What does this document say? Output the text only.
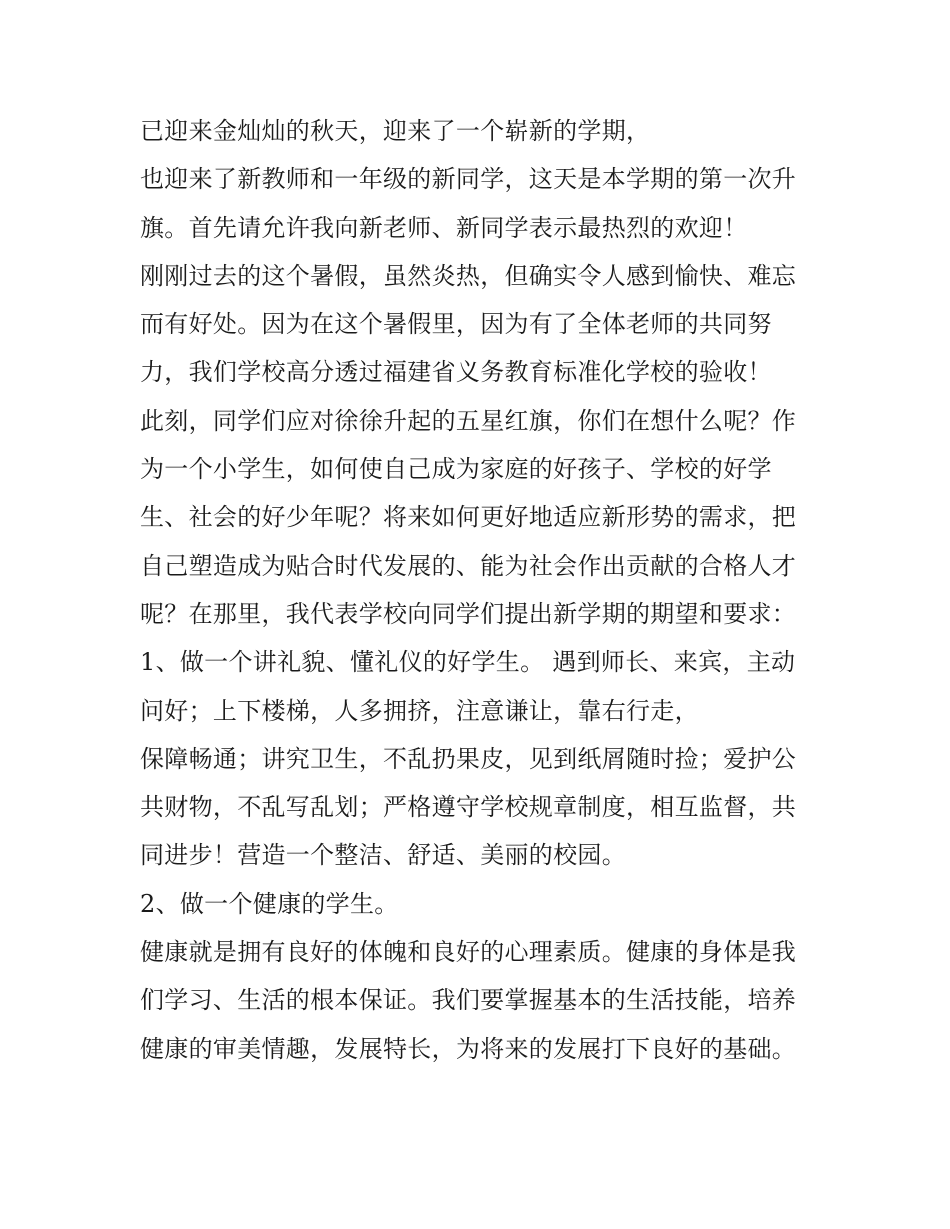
已迎来金灿灿的秋天，迎来了一个崭新的学期，
也迎来了新教师和一年级的新同学，这天是本学期的第一次升
旗。首先请允许我向新老师、新同学表示最热烈的欢迎！
刚刚过去的这个暑假，虽然炎热，但确实令人感到愉快、难忘
而有好处。因为在这个暑假里，因为有了全体老师的共同努
力，我们学校高分透过福建省义务教育标准化学校的验收！
此刻，同学们应对徐徐升起的五星红旗，你们在想什么呢？作
为一个小学生，如何使自己成为家庭的好孩子、学校的好学
生、社会的好少年呢？将来如何更好地适应新形势的需求，把
自己塑造成为贴合时代发展的、能为社会作出贡献的合格人才
呢？在那里，我代表学校向同学们提出新学期的期望和要求：
1、做一个讲礼貌、懂礼仪的好学生。 遇到师长、来宾，主动
问好；上下楼梯，人多拥挤，注意谦让，靠右行走，
保障畅通；讲究卫生，不乱扔果皮，见到纸屑随时捡；爱护公
共财物，不乱写乱划；严格遵守学校规章制度，相互监督，共
同进步！营造一个整洁、舒适、美丽的校园。
2、做一个健康的学生。
健康就是拥有良好的体魄和良好的心理素质。健康的身体是我
们学习、生活的根本保证。我们要掌握基本的生活技能，培养
健康的审美情趣，发展特长，为将来的发展打下良好的基础。
